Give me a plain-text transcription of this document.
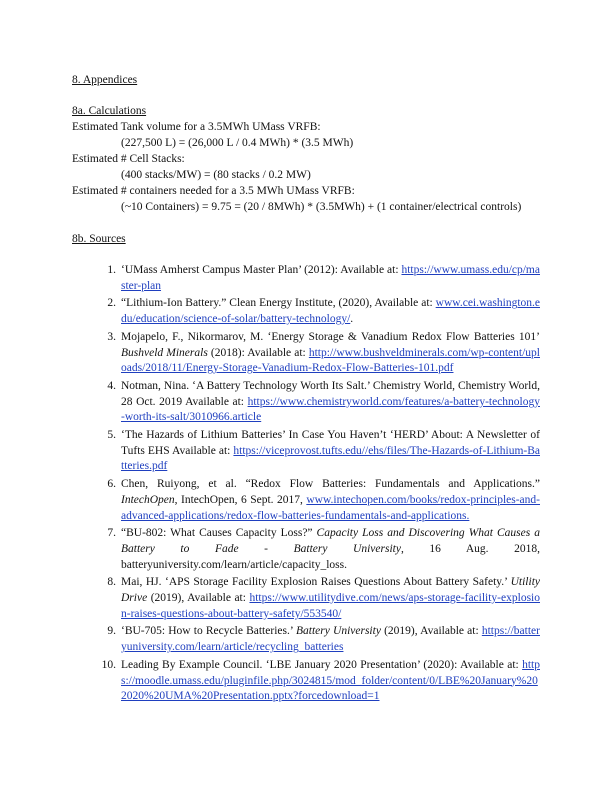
8. Appendices
8a. Calculations
Estimated Tank volume for a 3.5MWh UMass VRFB:
(227,500 L) = (26,000 L / 0.4 MWh) * (3.5 MWh)
Estimated # Cell Stacks:
(400 stacks/MW) = (80 stacks / 0.2 MW)
Estimated # containers needed for a 3.5 MWh UMass VRFB:
(~10 Containers) = 9.75 = (20 / 8MWh) * (3.5MWh) + (1 container/electrical controls)
8b. Sources
1. ‘UMass Amherst Campus Master Plan’ (2012): Available at: https://www.umass.edu/cp/master-plan
2. “Lithium-Ion Battery.” Clean Energy Institute, (2020), Available at: www.cei.washington.edu/education/science-of-solar/battery-technology/.
3. Mojapelo, F., Nikormarov, M. ‘Energy Storage & Vanadium Redox Flow Batteries 101’ Bushveld Minerals (2018): Available at: http://www.bushveldminerals.com/wp-content/uploads/2018/11/Energy-Storage-Vanadium-Redox-Flow-Batteries-101.pdf
4. Notman, Nina. ‘A Battery Technology Worth Its Salt.’ Chemistry World, Chemistry World, 28 Oct. 2019 Available at: https://www.chemistryworld.com/features/a-battery-technology-worth-its-salt/3010966.article
5. ‘The Hazards of Lithium Batteries’ In Case You Haven’t ‘HERD’ About: A Newsletter of Tufts EHS Available at: https://viceprovost.tufts.edu//ehs/files/The-Hazards-of-Lithium-Batteries.pdf
6. Chen, Ruiyong, et al. “Redox Flow Batteries: Fundamentals and Applications.” IntechOpen, IntechOpen, 6 Sept. 2017, www.intechopen.com/books/redox-principles-and-advanced-applications/redox-flow-batteries-fundamentals-and-applications.
7. “BU-802: What Causes Capacity Loss?” Capacity Loss and Discovering What Causes a Battery to Fade - Battery University, 16 Aug. 2018, batteryuniversity.com/learn/article/capacity_loss.
8. Mai, HJ. ‘APS Storage Facility Explosion Raises Questions About Battery Safety.’ Utility Drive (2019), Available at: https://www.utilitydive.com/news/aps-storage-facility-explosion-raises-questions-about-battery-safety/553540/
9. ‘BU-705: How to Recycle Batteries.’ Battery University (2019), Available at: https://batteryuniversity.com/learn/article/recycling_batteries
10. Leading By Example Council. ‘LBE January 2020 Presentation’ (2020): Available at: https://moodle.umass.edu/pluginfile.php/3024815/mod_folder/content/0/LBE%20January%202020%20UMA%20Presentation.pptx?forcedownload=1
